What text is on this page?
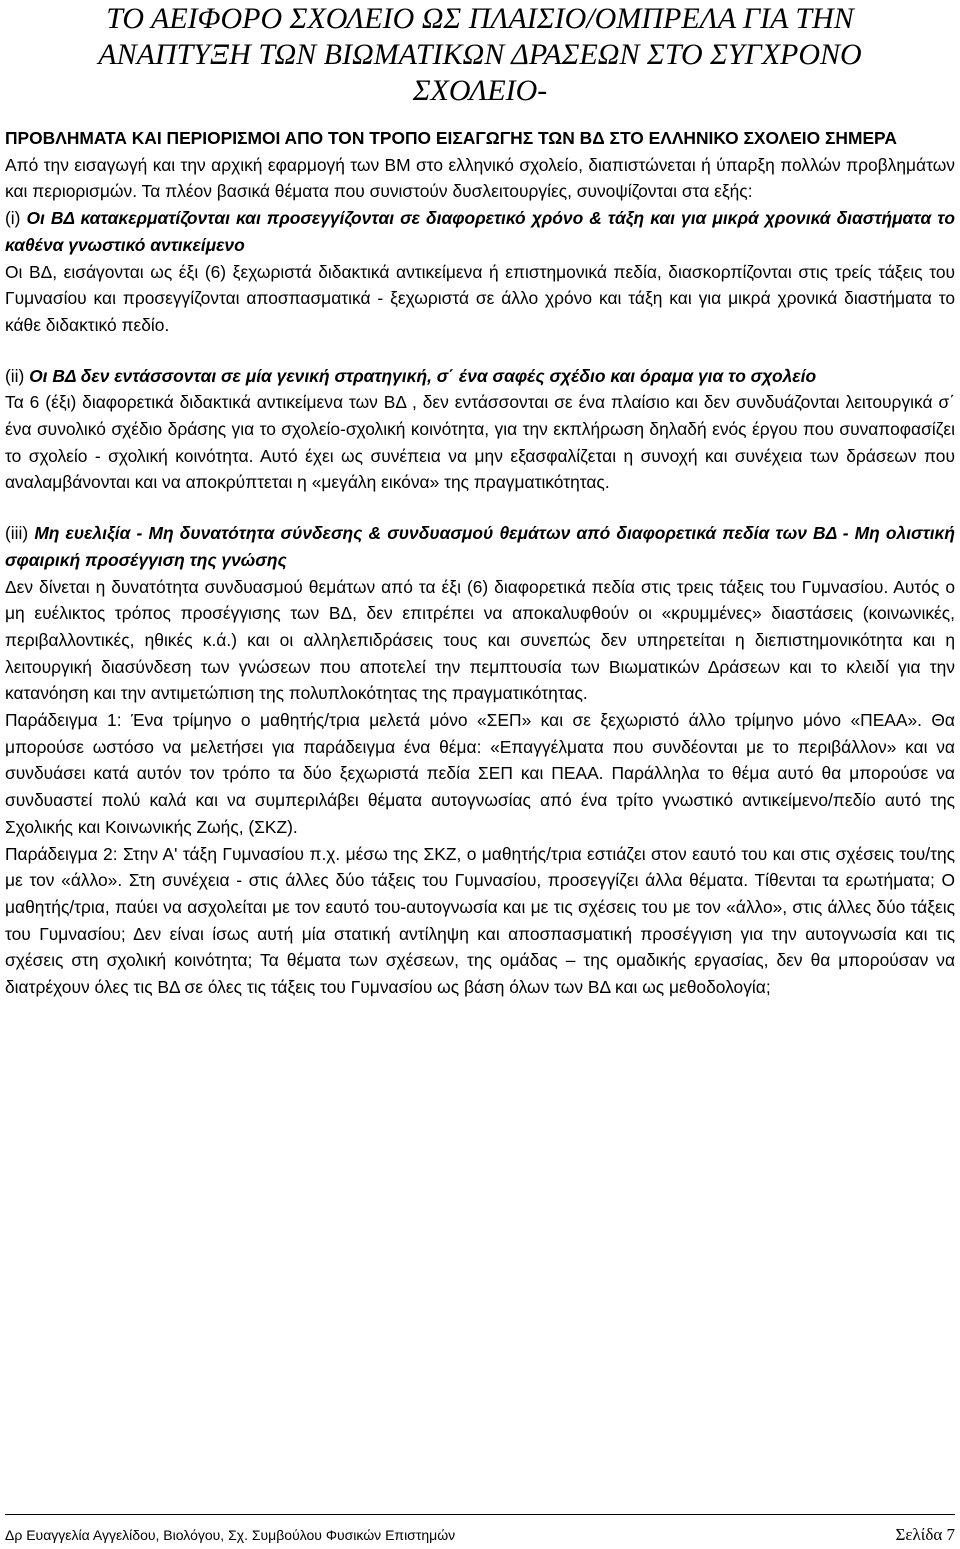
ΤΟ ΑΕΙΦΟΡΟ ΣΧΟΛΕΙΟ ΩΣ ΠΛΑΙΣΙΟ/ΟΜΠΡΕΛΑ ΓΙΑ ΤΗΝ
ΑΝΑΠΤΥΞΗ ΤΩΝ ΒΙΩΜΑΤΙΚΩΝ ΔΡΑΣΕΩΝ ΣΤΟ ΣΥΓΧΡΟΝΟ
ΣΧΟΛΕΙΟ-
ΠΡΟΒΛΗΜΑΤΑ ΚΑΙ ΠΕΡΙΟΡΙΣΜΟΙ ΑΠΟ ΤΟΝ ΤΡΟΠΟ ΕΙΣΑΓΩΓΗΣ ΤΩΝ ΒΔ ΣΤΟ ΕΛΛΗΝΙΚΟ ΣΧΟΛΕΙΟ ΣΗΜΕΡΑ
Από την εισαγωγή και την αρχική εφαρμογή των ΒΜ στο ελληνικό σχολείο, διαπιστώνεται ή ύπαρξη πολλών προβλημάτων και περιορισμών. Τα πλέον βασικά θέματα που συνιστούν δυσλειτουργίες, συνοψίζονται στα εξής:
(i) Οι ΒΔ κατακερματίζονται και προσεγγίζονται σε διαφορετικό χρόνο & τάξη και για μικρά χρονικά διαστήματα το καθένα γνωστικό αντικείμενο
Οι ΒΔ, εισάγονται ως έξι (6) ξεχωριστά διδακτικά αντικείμενα ή επιστημονικά πεδία, διασκορπίζονται στις τρείς τάξεις του Γυμνασίου και προσεγγίζονται αποσπασματικά - ξεχωριστά σε άλλο χρόνο και τάξη και για μικρά χρονικά διαστήματα το κάθε διδακτικό πεδίο.
(ii) Οι ΒΔ δεν εντάσσονται σε μία γενική στρατηγική, σ΄ ένα σαφές σχέδιο και όραμα για το σχολείο
Τα 6 (έξι) διαφορετικά διδακτικά αντικείμενα των ΒΔ , δεν εντάσσονται σε ένα πλαίσιο και δεν συνδυάζονται λειτουργικά σ΄ ένα συνολικό σχέδιο δράσης για το σχολείο-σχολική κοινότητα, για την εκπλήρωση δηλαδή ενός έργου που συναποφασίζει το σχολείο - σχολική κοινότητα. Αυτό έχει ως συνέπεια να μην εξασφαλίζεται η συνοχή και συνέχεια των δράσεων που αναλαμβάνονται και να αποκρύπτεται η «μεγάλη εικόνα» της πραγματικότητας.
(iii) Μη ευελιξία - Μη δυνατότητα σύνδεσης & συνδυασμού θεμάτων από διαφορετικά πεδία των ΒΔ - Μη ολιστική σφαιρική προσέγγιση της γνώσης
Δεν δίνεται η δυνατότητα συνδυασμού θεμάτων από τα έξι (6) διαφορετικά πεδία στις τρεις τάξεις του Γυμνασίου. Αυτός ο μη ευέλικτος τρόπος προσέγγισης των ΒΔ, δεν επιτρέπει να αποκαλυφθούν οι «κρυμμένες» διαστάσεις (κοινωνικές, περιβαλλοντικές, ηθικές κ.ά.) και οι αλληλεπιδράσεις τους και συνεπώς δεν υπηρετείται η διεπιστημονικότητα και η λειτουργική διασύνδεση των γνώσεων που αποτελεί την πεμπτουσία των Βιωματικών Δράσεων και το κλειδί για την κατανόηση και την αντιμετώπιση της πολυπλοκότητας της πραγματικότητας.
Παράδειγμα 1: Ένα τρίμηνο ο μαθητής/τρια μελετά μόνο «ΣΕΠ» και σε ξεχωριστό άλλο τρίμηνο μόνο «ΠΕΑΑ». Θα μπορούσε ωστόσο να μελετήσει για παράδειγμα ένα θέμα: «Επαγγέλματα που συνδέονται με το περιβάλλον» και να συνδυάσει κατά αυτόν τον τρόπο τα δύο ξεχωριστά πεδία ΣΕΠ και ΠΕΑΑ. Παράλληλα το θέμα αυτό θα μπορούσε να συνδυαστεί πολύ καλά και να συμπεριλάβει θέματα αυτογνωσίας από ένα τρίτο γνωστικό αντικείμενο/πεδίο αυτό της Σχολικής και Κοινωνικής Ζωής, (ΣΚΖ).
Παράδειγμα 2: Στην Α' τάξη Γυμνασίου π.χ. μέσω της ΣΚΖ, ο μαθητής/τρια εστιάζει στον εαυτό του και στις σχέσεις του/της με τον «άλλο». Στη συνέχεια - στις άλλες δύο τάξεις του Γυμνασίου, προσεγγίζει άλλα θέματα. Τίθενται τα ερωτήματα; Ο μαθητής/τρια, παύει να ασχολείται με τον εαυτό του-αυτογνωσία και με τις σχέσεις του με τον «άλλο», στις άλλες δύο τάξεις του Γυμνασίου; Δεν είναι ίσως αυτή μία στατική αντίληψη και αποσπασματική προσέγγιση για την αυτογνωσία και τις σχέσεις στη σχολική κοινότητα; Τα θέματα των σχέσεων, της ομάδας – της ομαδικής εργασίας, δεν θα μπορούσαν να διατρέχουν όλες τις ΒΔ σε όλες τις τάξεις του Γυμνασίου ως βάση όλων των ΒΔ και ως μεθοδολογία;
Δρ Ευαγγελία Αγγελίδου, Βιολόγου, Σχ. Συμβούλου Φυσικών Επιστημών	Σελίδα 7
